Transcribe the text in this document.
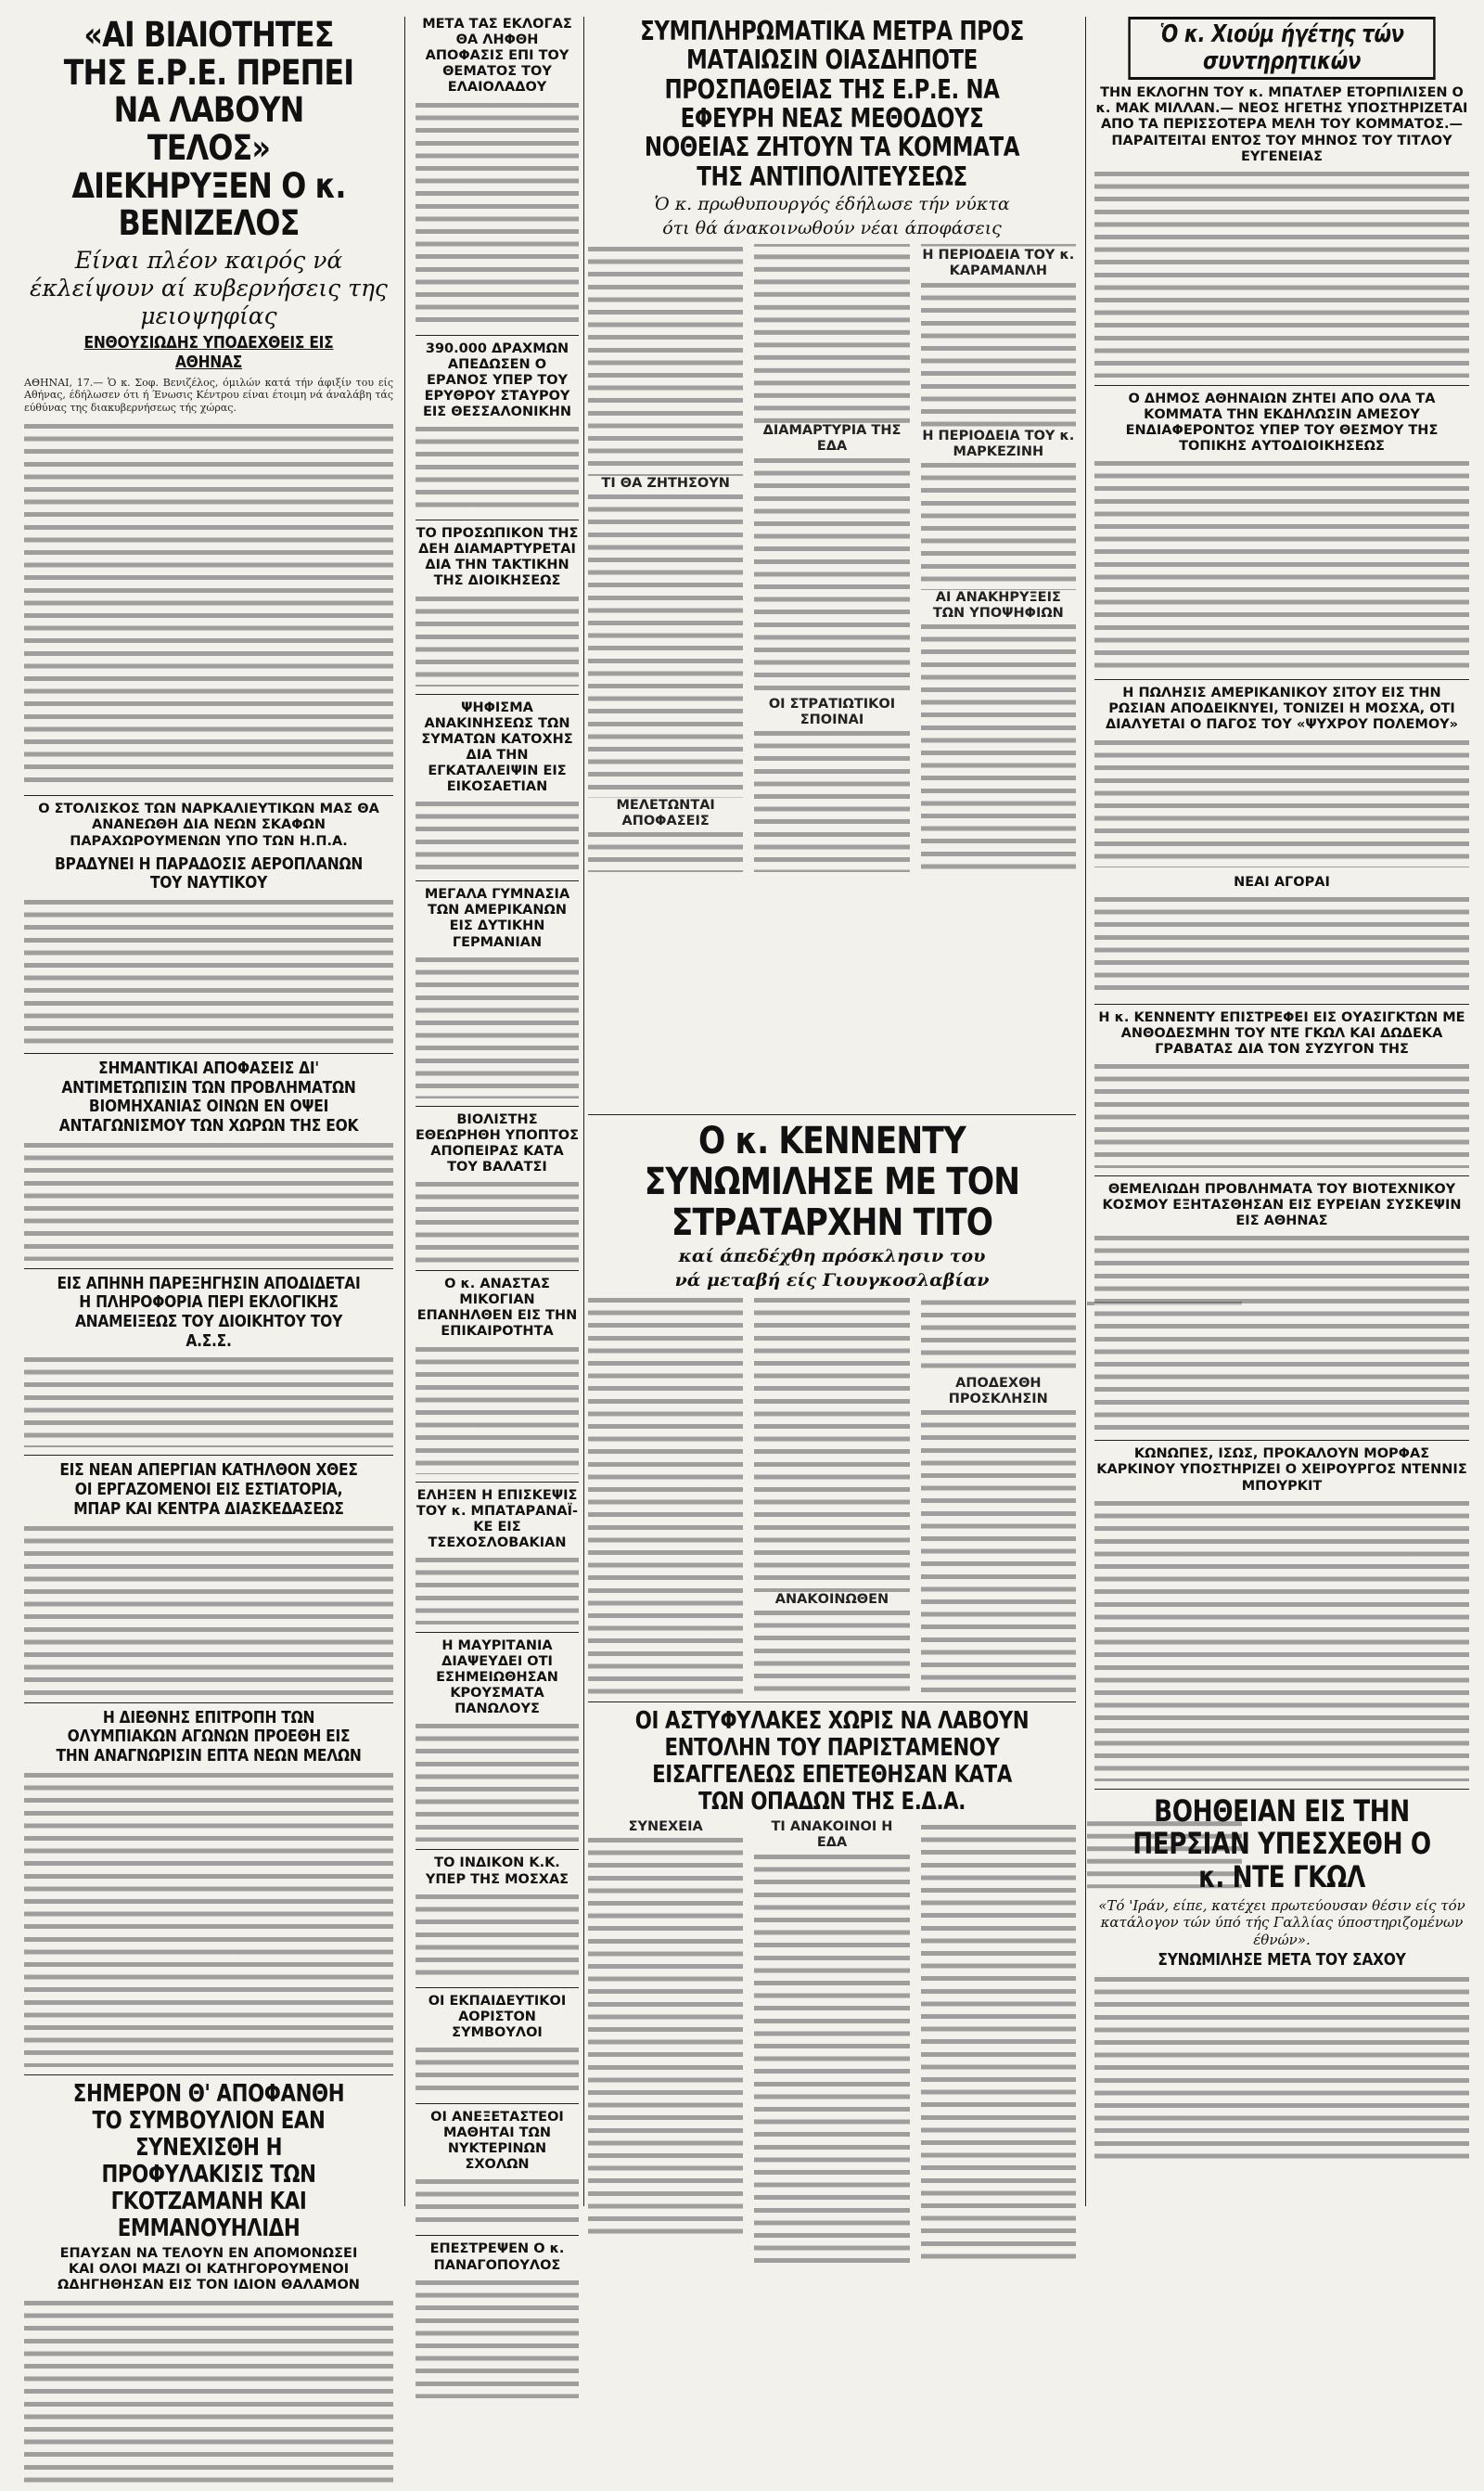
«ΑΙ ΒΙΑΙΟΤΗΤΕΣ ΤΗΣ Ε.Ρ.Ε. ΠΡΕΠΕΙ ΝΑ ΛΑΒΟΥΝ ΤΕΛΟΣ» ΔΙΕΚΗΡΥΞΕΝ Ο κ. ΒΕΝΙΖΕΛΟΣ

Είναι πλέον καιρός νά έκλείψουν αί κυβερνήσεις της μειοψηφίας

ΕΝΘΟΥΣΙΩΔΗΣ ΥΠΟΔΕΧΘΕΙΣ ΕΙΣ ΑΘΗΝΑΣ

ΑΘΗΝΑΙ, 17.— Ὁ κ. Σοφ. Βενιζέλος, όμιλών κατά τήν άφιξίν του είς Αθήνας, έδήλωσεν ότι ή Ένωσις Κέντρου είναι έτοιμη νά άναλάβη τάς εύθύνας της διακυβερνήσεως τής χώρας.

Ο ΣΤΟΛΙΣΚΟΣ ΤΩΝ ΝΑΡΚΑΛΙΕΥΤΙΚΩΝ ΜΑΣ ΘΑ ΑΝΑΝΕΩΘΗ ΔΙΑ ΝΕΩΝ ΣΚΑΦΩΝ ΠΑΡΑΧΩΡΟΥΜΕΝΩΝ ΥΠΟ ΤΩΝ Η.Π.Α.

ΒΡΑΔΥΝΕΙ Η ΠΑΡΑΔΟΣΙΣ ΑΕΡΟΠΛΑΝΩΝ ΤΟΥ ΝΑΥΤΙΚΟΥ

ΣΗΜΑΝΤΙΚΑΙ ΑΠΟΦΑΣΕΙΣ ΔΙ' ΑΝΤΙΜΕΤΩΠΙΣΙΝ ΤΩΝ ΠΡΟΒΛΗΜΑΤΩΝ ΒΙΟΜΗΧΑΝΙΑΣ ΟΙΝΩΝ ΕΝ ΟΨΕΙ ΑΝΤΑΓΩΝΙΣΜΟΥ ΤΩΝ ΧΩΡΩΝ ΤΗΣ ΕΟΚ

ΕΙΣ ΑΠΗΝΗ ΠΑΡΕΞΗΓΗΣΙΝ ΑΠΟΔΙΔΕΤΑΙ Η ΠΛΗΡΟΦΟΡΙΑ ΠΕΡΙ ΕΚΛΟΓΙΚΗΣ ΑΝΑΜΕΙΞΕΩΣ ΤΟΥ ΔΙΟΙΚΗΤΟΥ ΤΟΥ Α.Σ.Σ.

ΕΙΣ ΝΕΑΝ ΑΠΕΡΓΙΑΝ ΚΑΤΗΛΘΟΝ ΧΘΕΣ ΟΙ ΕΡΓΑΖΟΜΕΝΟΙ ΕΙΣ ΕΣΤΙΑΤΟΡΙΑ, ΜΠΑΡ ΚΑΙ ΚΕΝΤΡΑ ΔΙΑΣΚΕΔΑΣΕΩΣ

Η ΔΙΕΘΝΗΣ ΕΠΙΤΡΟΠΗ ΤΩΝ ΟΛΥΜΠΙΑΚΩΝ ΑΓΩΝΩΝ ΠΡΟΕΘΗ ΕΙΣ ΤΗΝ ΑΝΑΓΝΩΡΙΣΙΝ ΕΠΤΑ ΝΕΩΝ ΜΕΛΩΝ

ΣΗΜΕΡΟΝ Θ' ΑΠΟΦΑΝΘΗ ΤΟ ΣΥΜΒΟΥΛΙΟΝ ΕΑΝ ΣΥΝΕΧΙΣΘΗ Η ΠΡΟΦΥΛΑΚΙΣΙΣ ΤΩΝ ΓΚΟΤΖΑΜΑΝΗ ΚΑΙ ΕΜΜΑΝΟΥΗΛΙΔΗ

ΕΠΑΥΣΑΝ ΝΑ ΤΕΛΟΥΝ ΕΝ ΑΠΟΜΟΝΩΣΕΙ

ΚΑΙ ΟΛΟΙ ΜΑΖΙ ΟΙ ΚΑΤΗΓΟΡΟΥΜΕΝΟΙ ΩΔΗΓΗΘΗΣΑΝ ΕΙΣ ΤΟΝ ΙΔΙΟΝ ΘΑΛΑΜΟΝ

ΜΕΤΑ ΤΑΣ ΕΚΛΟΓΑΣ ΘΑ ΛΗΦΘΗ ΑΠΟΦΑΣΙΣ ΕΠΙ ΤΟΥ ΘΕΜΑΤΟΣ ΤΟΥ ΕΛΑΙΟΛΑΔΟΥ

390.000 ΔΡΑΧΜΩΝ ΑΠΕΔΩΣΕΝ Ο ΕΡΑΝΟΣ ΥΠΕΡ ΤΟΥ ΕΡΥΘΡΟΥ ΣΤΑΥΡΟΥ ΕΙΣ ΘΕΣΣΑΛΟΝΙΚΗΝ

ΤΟ ΠΡΟΣΩΠΙΚΟΝ ΤΗΣ ΔΕΗ ΔΙΑΜΑΡΤΥΡΕΤΑΙ ΔΙΑ ΤΗΝ ΤΑΚΤΙΚΗΝ ΤΗΣ ΔΙΟΙΚΗΣΕΩΣ

ΨΗΦΙΣΜΑ ΑΝΑΚΙΝΗΣΕΩΣ ΤΩΝ ΣΥΜΑΤΩΝ ΚΑΤΟΧΗΣ ΔΙΑ ΤΗΝ ΕΓΚΑΤΑΛΕΙΨΙΝ ΕΙΣ ΕΙΚΟΣΑΕΤΙΑΝ

ΜΕΓΑΛΑ ΓΥΜΝΑΣΙΑ ΤΩΝ ΑΜΕΡΙΚΑΝΩΝ ΕΙΣ ΔΥΤΙΚΗΝ ΓΕΡΜΑΝΙΑΝ

ΒΙΟΛΙΣΤΗΣ ΕΘΕΩΡΗΘΗ ΥΠΟΠΤΟΣ ΑΠΟΠΕΙΡΑΣ ΚΑΤΑ ΤΟΥ ΒΑΛΑΤΣΙ

Ο κ. ΑΝΑΣΤΑΣ ΜΙΚΟΓΙΑΝ ΕΠΑΝΗΛΘΕΝ ΕΙΣ ΤΗΝ ΕΠΙΚΑΙΡΟΤΗΤΑ

ΕΛΗΞΕΝ Η ΕΠΙΣΚΕΨΙΣ ΤΟΥ κ. ΜΠΑΤΑΡΑΝΑΪ-ΚΕ ΕΙΣ ΤΣΕΧΟΣΛΟΒΑΚΙΑΝ

Η ΜΑΥΡΙΤΑΝΙΑ ΔΙΑΨΕΥΔΕΙ ΟΤΙ ΕΣΗΜΕΙΩΘΗΣΑΝ ΚΡΟΥΣΜΑΤΑ ΠΑΝΩΛΟΥΣ

ΤΟ ΙΝΔΙΚΟΝ Κ.Κ. ΥΠΕΡ ΤΗΣ ΜΟΣΧΑΣ

ΟΙ ΕΚΠΑΙΔΕΥΤΙΚΟΙ ΑΟΡΙΣΤΟΝ ΣΥΜΒΟΥΛΟΙ

ΟΙ ΑΝΕΞΕΤΑΣΤΕΟΙ ΜΑΘΗΤΑΙ ΤΩΝ ΝΥΚΤΕΡΙΝΩΝ ΣΧΟΛΩΝ

ΕΠΕΣΤΡΕΨΕΝ Ο κ. ΠΑΝΑΓΟΠΟΥΛΟΣ

ΣΥΜΠΛΗΡΩΜΑΤΙΚΑ ΜΕΤΡΑ ΠΡΟΣ ΜΑΤΑΙΩΣΙΝ ΟΙΑΣΔΗΠΟΤΕ ΠΡΟΣΠΑΘΕΙΑΣ ΤΗΣ Ε.Ρ.Ε. ΝΑ ΕΦΕΥΡΗ ΝΕΑΣ ΜΕΘΟΔΟΥΣ ΝΟΘΕΙΑΣ ΖΗΤΟΥΝ ΤΑ ΚΟΜΜΑΤΑ ΤΗΣ ΑΝΤΙΠΟΛΙΤΕΥΣΕΩΣ

Ὁ κ. πρωθυπουργός έδήλωσε τήν νύκτα

ότι θά άνακοινωθούν νέαι άποφάσεις

ΤΙ ΘΑ ΖΗΤΗΣΟΥΝ

ΜΕΛΕΤΩΝΤΑΙ ΑΠΟΦΑΣΕΙΣ

ΔΙΑΜΑΡΤΥΡΙΑ ΤΗΣ ΕΔΑ

ΟΙ ΣΤΡΑΤΙΩΤΙΚΟΙ ΣΠΟΙΝΑΙ

Η ΠΕΡΙΟΔΕΙΑ ΤΟΥ κ. ΚΑΡΑΜΑΝΛΗ

Η ΠΕΡΙΟΔΕΙΑ ΤΟΥ κ. ΜΑΡΚΕΖΙΝΗ

ΑΙ ΑΝΑΚΗΡΥΞΕΙΣ ΤΩΝ ΥΠΟΨΗΦΙΩΝ

Ο κ. ΚΕΝΝΕΝΤΥ ΣΥΝΩΜΙΛΗΣΕ ΜΕ ΤΟΝ ΣΤΡΑΤΑΡΧΗΝ ΤΙΤΟ

καί άπεδέχθη πρόσκλησιν του

νά μεταβή είς Γιουγκοσλαβίαν

ΑΝΑΚΟΙΝΩΘΕΝ

ΑΠΟΔΕΧΘΗ ΠΡΟΣΚΛΗΣΙΝ

ΟΙ ΑΣΤΥΦΥΛΑΚΕΣ ΧΩΡΙΣ ΝΑ ΛΑΒΟΥΝ ΕΝΤΟΛΗΝ ΤΟΥ ΠΑΡΙΣΤΑΜΕΝΟΥ ΕΙΣΑΓΓΕΛΕΩΣ ΕΠΕΤΕΘΗΣΑΝ ΚΑΤΑ ΤΩΝ ΟΠΑΔΩΝ ΤΗΣ Ε.Δ.Α.

ΣΥΝΕΧΕΙΑ	ΤΙ ΑΝΑΚΟΙΝΟΙ Η ΕΔΑ

Ὁ κ. Χιούμ ήγέτης τών συντηρητικών

ΤΗΝ ΕΚΛΟΓΗΝ ΤΟΥ κ. ΜΠΑΤΛΕΡ ΕΤΟΡΠΙΛΙΣΕΝ Ο κ. ΜΑΚ ΜΙΛΛΑΝ.— ΝΕΟΣ ΗΓΕΤΗΣ ΥΠΟΣΤΗΡΙΖΕΤΑΙ ΑΠΟ ΤΑ ΠΕΡΙΣΣΟΤΕΡΑ ΜΕΛΗ ΤΟΥ ΚΟΜΜΑΤΟΣ.— ΠΑΡΑΙΤΕΙΤΑΙ ΕΝΤΟΣ ΤΟΥ ΜΗΝΟΣ ΤΟΥ ΤΙΤΛΟΥ ΕΥΓΕΝΕΙΑΣ

Ο ΔΗΜΟΣ ΑΘΗΝΑΙΩΝ ΖΗΤΕΙ ΑΠΟ ΟΛΑ ΤΑ ΚΟΜΜΑΤΑ ΤΗΝ ΕΚΔΗΛΩΣΙΝ ΑΜΕΣΟΥ ΕΝΔΙΑΦΕΡΟΝΤΟΣ ΥΠΕΡ ΤΟΥ ΘΕΣΜΟΥ ΤΗΣ ΤΟΠΙΚΗΣ ΑΥΤΟΔΙΟΙΚΗΣΕΩΣ

Η ΠΩΛΗΣΙΣ ΑΜΕΡΙΚΑΝΙΚΟΥ ΣΙΤΟΥ ΕΙΣ ΤΗΝ ΡΩΣΙΑΝ ΑΠΟΔΕΙΚΝΥΕΙ, ΤΟΝΙΖΕΙ Η ΜΟΣΧΑ, ΟΤΙ ΔΙΑΛΥΕΤΑΙ Ο ΠΑΓΟΣ ΤΟΥ «ΨΥΧΡΟΥ ΠΟΛΕΜΟΥ»

ΝΕΑΙ ΑΓΟΡΑΙ

Η κ. ΚΕΝΝΕΝΤΥ ΕΠΙΣΤΡΕΦΕΙ ΕΙΣ ΟΥΑΣΙΓΚΤΩΝ ΜΕ ΑΝΘΟΔΕΣΜΗΝ ΤΟΥ ΝΤΕ ΓΚΩΛ ΚΑΙ ΔΩΔΕΚΑ ΓΡΑΒΑΤΑΣ ΔΙΑ ΤΟΝ ΣΥΖΥΓΟΝ ΤΗΣ

ΘΕΜΕΛΙΩΔΗ ΠΡΟΒΛΗΜΑΤΑ ΤΟΥ ΒΙΟΤΕΧΝΙΚΟΥ ΚΟΣΜΟΥ ΕΞΗΤΑΣΘΗΣΑΝ ΕΙΣ ΕΥΡΕΙΑΝ ΣΥΣΚΕΨΙΝ ΕΙΣ ΑΘΗΝΑΣ

ΚΩΝΩΠΕΣ, ΙΣΩΣ, ΠΡΟΚΑΛΟΥΝ ΜΟΡΦΑΣ ΚΑΡΚΙΝΟΥ ΥΠΟΣΤΗΡΙΖΕΙ Ο ΧΕΙΡΟΥΡΓΟΣ ΝΤΕΝΝΙΣ ΜΠΟΥΡΚΙΤ

ΒΟΗΘΕΙΑΝ ΕΙΣ ΤΗΝ ΠΕΡΣΙΑΝ ΥΠΕΣΧΕΘΗ Ο κ. ΝΤΕ ΓΚΩΛ

«Τό 'Ιράν, είπε, κατέχει πρωτεύουσαν θέσιν είς τόν κατάλογον τών ύπό τής Γαλλίας ύποστηριζομένων έθνών».

ΣΥΝΩΜΙΛΗΣΕ ΜΕΤΑ ΤΟΥ ΣΑΧΟΥ
